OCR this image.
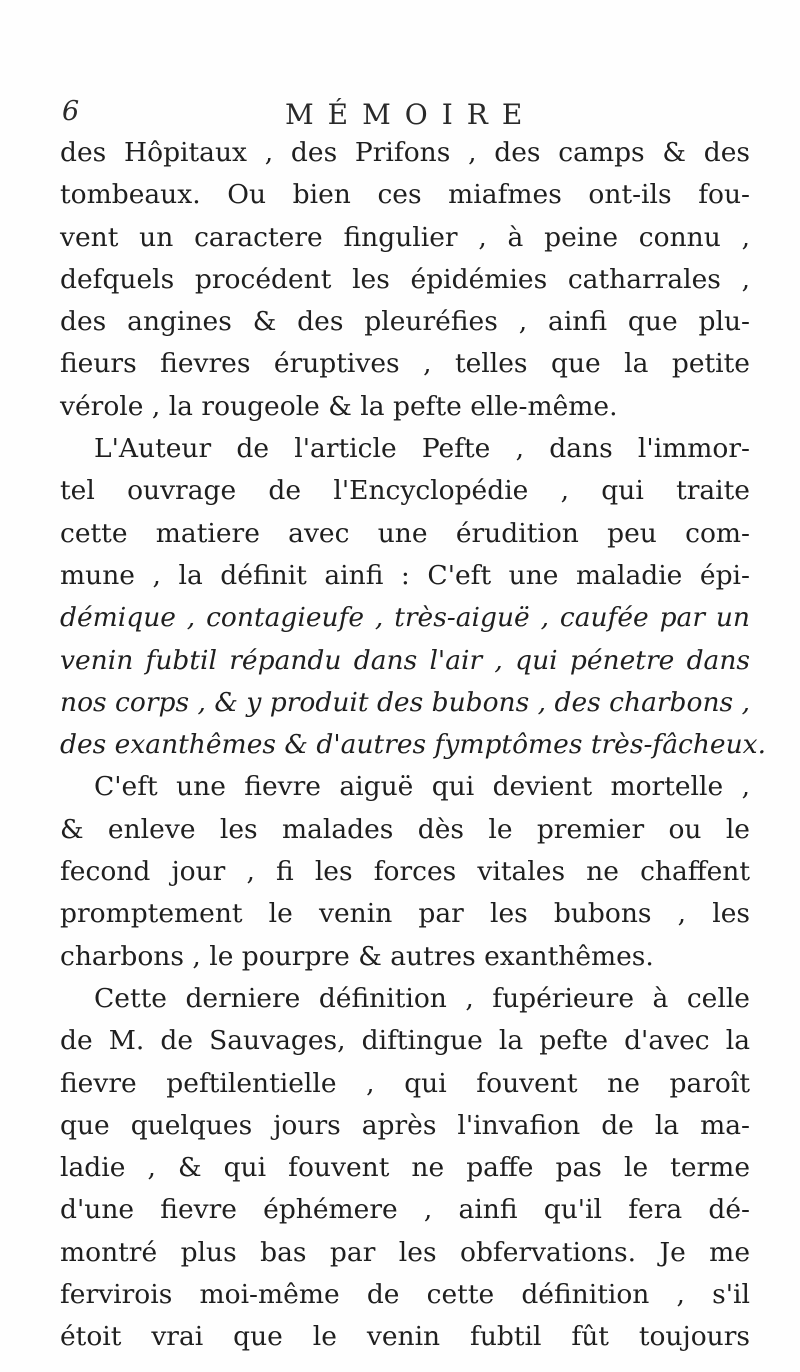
6	MÉMOIRE
des Hôpitaux , des Prifons , des camps & des
tombeaux. Ou bien ces miafmes ont-ils fou-
vent un caractere fingulier , à peine connu ,
defquels procédent les épidémies catharrales ,
des angines & des pleuréfies , ainfi que plu-
fieurs fievres éruptives , telles que la petite
vérole , la rougeole & la pefte elle-même.
L'Auteur de l'article Pefte , dans l'immor-
tel ouvrage de l'Encyclopédie , qui traite
cette matiere avec une érudition peu com-
mune , la définit ainfi : C'eft une maladie épi-
démique , contagieufe , très-aiguë , caufée par un
venin fubtil répandu dans l'air , qui pénetre dans
nos corps , & y produit des bubons , des charbons ,
des exanthêmes & d'autres fymptômes très-fâcheux.
C'eft une fievre aiguë qui devient mortelle ,
& enleve les malades dès le premier ou le
fecond jour , fi les forces vitales ne chaffent
promptement le venin par les bubons , les
charbons , le pourpre & autres exanthêmes.
Cette derniere définition , fupérieure à celle
de M. de Sauvages, diftingue la pefte d'avec la
fievre peftilentielle , qui fouvent ne paroît
que quelques jours après l'invafion de la ma-
ladie , & qui fouvent ne paffe pas le terme
d'une fievre éphémere , ainfi qu'il fera dé-
montré plus bas par les obfervations. Je me
fervirois moi-même de cette définition , s'il
étoit vrai que le venin fubtil fût toujours
